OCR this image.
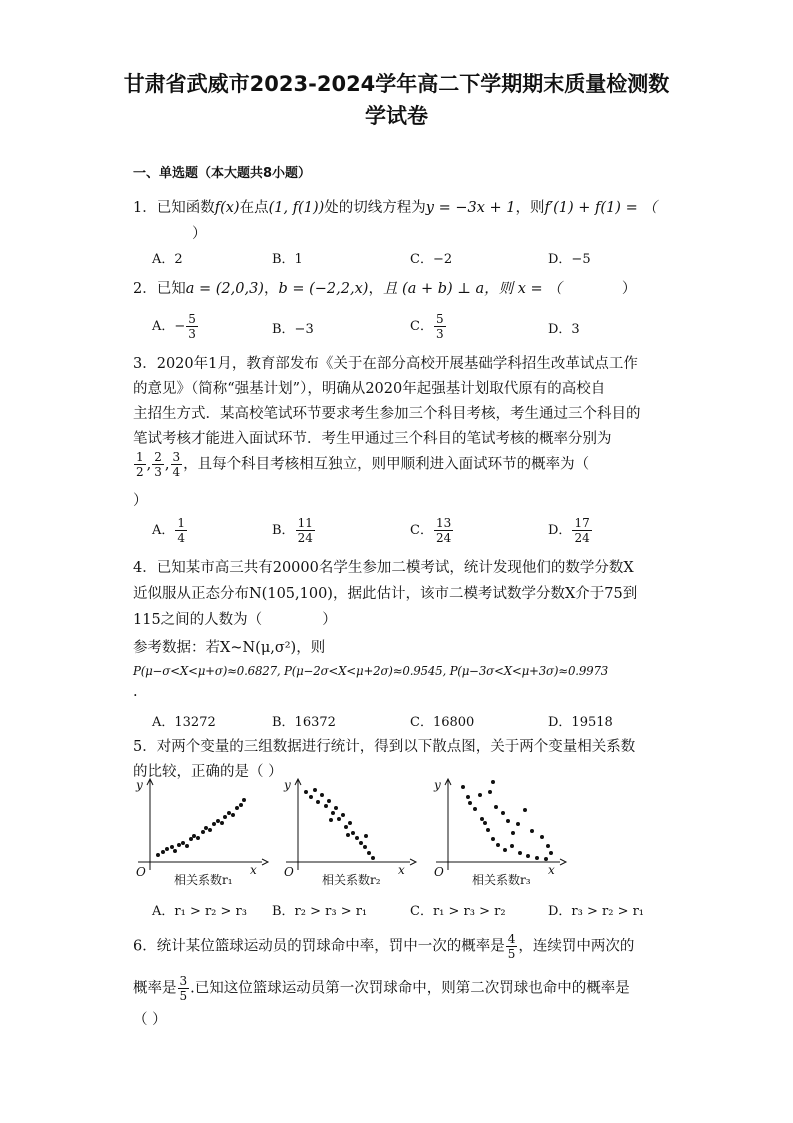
甘肃省武威市2023-2024学年高二下学期期末质量检测数
学试卷
一、单选题（本大题共8小题）
1．已知函数f(x)在点(1, f(1))处的切线方程为y = −3x + 1，则f′(1) + f(1) = （
）
A．2	B．1	C．−2	D．−5
2．已知a = (2,0,3)，b = (−2,2,x)，且 (a + b) ⊥ a，则 x = （	）
A．− $\frac{5}{3}$	B．−3	C． $\frac{5}{3}$	D．3
3．2020年1月，教育部发布《关于在部分高校开展基础学科招生改革试点工作
的意见》（简称“强基计划”），明确从2020年起强基计划取代原有的高校自
主招生方式．某高校笔试环节要求考生参加三个科目考核，考生通过三个科目的
笔试考核才能进入面试环节．考生甲通过三个科目的笔试考核的概率分别为
$\frac{1}{2}$ , $\frac{2}{3}$ , $\frac{3}{4}$ ，且每个科目考核相互独立，则甲顺利进入面试环节的概率为（
）
A． $\frac{1}{4}$	B． $\frac{11}{24}$	C． $\frac{13}{24}$	D． $\frac{17}{24}$
4．已知某市高三共有20000名学生参加二模考试，统计发现他们的数学分数X
近似服从正态分布N(105,100)，据此估计，该市二模考试数学分数X介于75到
115之间的人数为（	）
参考数据：若X~N(μ,σ²)，则
P(μ−σ<X<μ+σ)≈0.6827, P(μ−2σ<X<μ+2σ)≈0.9545, P(μ−3σ<X<μ+3σ)≈0.9973
.
A．13272	B．16372	C．16800	D．19518
5．对两个变量的三组数据进行统计，得到以下散点图，关于两个变量相关系数
的比较，正确的是（ ）
y
x
O
相关系数r₁
y
x
O
相关系数r₂
y
x
O
相关系数r₃
A．r₁ > r₂ > r₃ B．r₂ > r₃ > r₁	C．r₁ > r₃ > r₂	D．r₃ > r₂ > r₁
6．统计某位篮球运动员的罚球命中率，罚中一次的概率是 $\frac{4}{5}$ ，连续罚中两次的
概率是 $\frac{3}{5}$ .已知这位篮球运动员第一次罚球命中，则第二次罚球也命中的概率是
（ ）
